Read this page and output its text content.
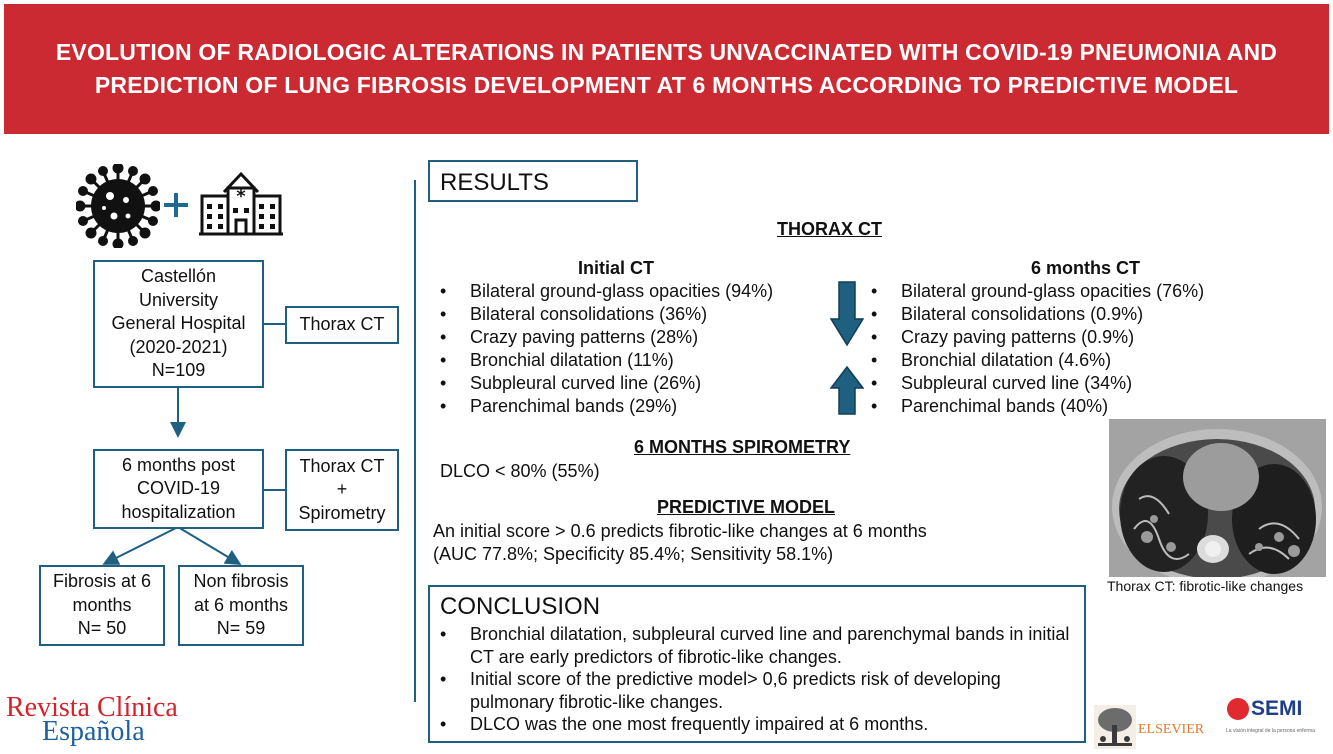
EVOLUTION OF RADIOLOGIC ALTERATIONS IN PATIENTS UNVACCINATED WITH COVID-19 PNEUMONIA AND
PREDICTION OF LUNG FIBROSIS DEVELOPMENT AT 6 MONTHS ACCORDING TO PREDICTIVE MODEL
*
Castellón
University
General Hospital
(2020-2021)
N=109
Thorax CT
6 months post
COVID-19
hospitalization
Thorax CT
+
Spirometry
Fibrosis at 6
months
N= 50
Non fibrosis
at 6 months
N= 59
RESULTS
THORAX CT
Initial CT
• Bilateral ground-glass opacities (94%)
• Bilateral consolidations (36%)
• Crazy paving patterns (28%)
• Bronchial dilatation (11%)
• Subpleural curved line (26%)
• Parenchimal bands (29%)
6 months CT
• Bilateral ground-glass opacities (76%)
• Bilateral consolidations (0.9%)
• Crazy paving patterns (0.9%)
• Bronchial dilatation (4.6%)
• Subpleural curved line (34%)
• Parenchimal bands (40%)
6 MONTHS SPIROMETRY
DLCO < 80% (55%)
PREDICTIVE MODEL
An initial score > 0.6 predicts fibrotic-like changes at 6 months
(AUC 77.8%; Specificity 85.4%; Sensitivity 58.1%)
Thorax CT: fibrotic-like changes
CONCLUSION
• Bronchial dilatation, subpleural curved line and parenchymal bands in initial CT are early predictors of fibrotic-like changes.
• Initial score of the predictive model> 0,6 predicts risk of developing pulmonary fibrotic-like changes.
• DLCO was the one most frequently impaired at 6 months.
Revista Clínica
Española	ELSEVIER
SEMI
La visión integral de la persona enferma
